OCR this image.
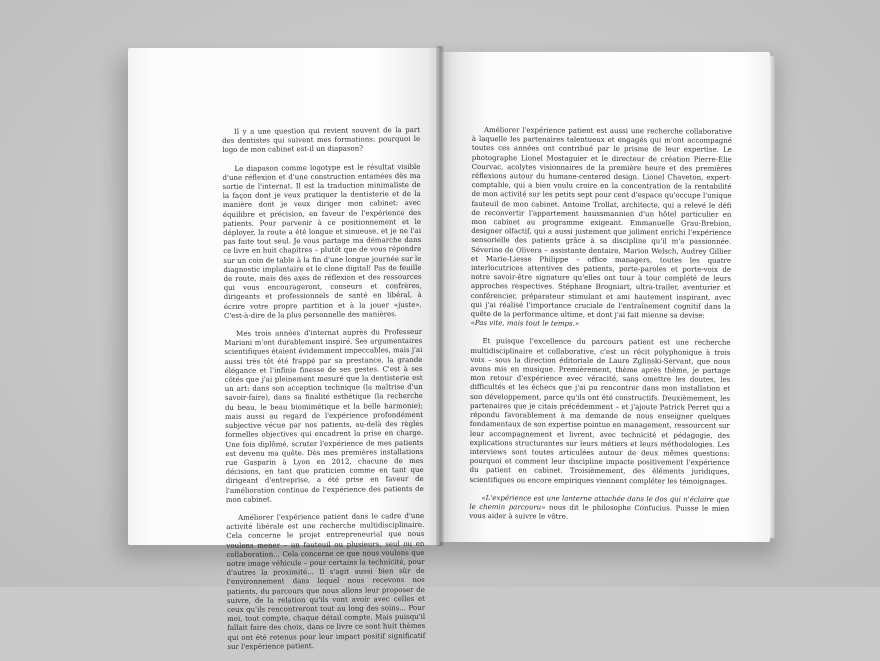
Il y a une question qui revient souvent de la part des dentistes qui suivent mes formations: pourquoi le logo de mon cabinet est-il un diapason?

Le diapason comme logotype est le résultat visible d'une réflexion et d'une construction entamées dès ma sortie de l'internat. Il est la traduction minimaliste de la façon dont je veux pratiquer la dentisterie et de la manière dont je veux diriger mon cabinet: avec équilibre et précision, en faveur de l'expérience des patients. Pour parvenir à ce positionnement et le déployer, la route a été longue et sinueuse, et je ne l'ai pas faite tout seul. Je vous partage ma démarche dans ce livre en huit chapitres – plutôt que de vous répondre sur un coin de table à la fin d'une longue journée sur le diagnostic implantaire et le clone digital! Pas de feuille de route, mais des axes de réflexion et des ressources qui vous encourageront, conseurs et confrères, dirigeants et professionnels de santé en libéral, à écrire votre propre partition et à la jouer «juste». C'est-à-dire de la plus personnelle des manières.

Mes trois années d'internat auprès du Professeur Mariani m'ont durablement inspiré. Ses argumentaires scientifiques étaient évidemment impeccables, mais j'ai aussi très tôt été frappé par sa prestance, la grande élégance et l'infinie finesse de ses gestes. C'est à ses côtés que j'ai pleinement mesuré que la dentisterie est un art: dans son acception technique (la maîtrise d'un savoir-faire), dans sa finalité esthétique (la recherche du beau, le beau biomimétique et la belle harmonie); mais aussi au regard de l'expérience profondément subjective vécue par nos patients, au-delà des règles formelles objectives qui encadrent la prise en charge. Une fois diplômé, scruter l'expérience de mes patients est devenu ma quête. Dès mes premières installations rue Gasparin à Lyon en 2012, chacune de mes décisions, en tant que praticien comme en tant que dirigeant d'entreprise, a été prise en faveur de l'amélioration continue de l'expérience des patients de mon cabinet.

Améliorer l'expérience patient dans le cadre d'une activité libérale est une recherche multidisciplinaire. Cela concerne le projet entrepreneurial que nous voulons mener – un fauteuil ou plusieurs, seul ou en collaboration... Cela concerne ce que nous voulons que notre image véhicule – pour certains la technicité, pour d'autres la proximité... Il s'agit aussi bien sûr de l'environnement dans lequel nous recevons nos patients, du parcours que nous allons leur proposer de suivre, de la relation qu'ils vont avoir avec celles et ceux qu'ils rencontreront tout au long des soins... Pour moi, tout compte, chaque détail compte. Mais puisqu'il fallait faire des choix, dans ce livre ce sont huit thèmes qui ont été retenus pour leur impact positif significatif sur l'expérience patient.

Améliorer l'expérience patient est aussi une recherche collaborative à laquelle les partenaires talentueux et engagés qui m'ont accompagné toutes ces années ont contribué par le prisme de leur expertise. Le photographe Lionel Mostaguier et le directeur de création Pierre-Elie Courvac, acolytes visionnaires de la première heure et des premières réflexions autour du humane-centered design. Lionel Chaveton, expert-comptable, qui a bien voulu croire en la concentration de la rentabilité de mon activité sur les petits sept pour cent d'espace qu'occupe l'unique fauteuil de mon cabinet. Antoine Trollat, architecte, qui a relevé le défi de reconvertir l'appartement haussmannien d'un hôtel particulier en mon cabinet au programme exigeant. Emmanuelle Grau-Brebion, designer olfactif, qui a aussi justement que joliment enrichi l'expérience sensorielle des patients grâce à sa discipline qu'il m'a passionnée. Séverine de Olivera – assistante dentaire, Marion Welsch, Audrey Gillier et Marie-Liesse Philippe – office managers, toutes les quatre interlocutrices attentives des patients, porte-paroles et porte-voix de notre savoir-être signature qu'elles ont tour à tour complété de leurs approches respectives. Stéphane Brogniart, ultra-trailer, aventurier et conférencier, préparateur stimulant et ami hautement inspirant, avec qui j'ai réalisé l'importance cruciale de l'entraînement cognitif dans la quête de la performance ultime, et dont j'ai fait mienne sa devise:

«Pas vite, mais tout le temps.»

Et puisque l'excellence du parcours patient est une recherche multidisciplinaire et collaborative, c'est un récit polyphonique à trois voix – sous la direction éditoriale de Laure Zglinski-Servant, que nous avons mis en musique. Premièrement, thème après thème, je partage mon retour d'expérience avec véracité, sans omettre les doutes, les difficultés et les échecs que j'ai pu rencontrer dans mon installation et son développement, parce qu'ils ont été constructifs. Deuxièmement, les partenaires que je citais précédemment – et j'ajoute Patrick Perret qui a répondu favorablement à ma demande de nous enseigner quelques fondamentaux de son expertise pointue en management, ressourcent sur leur accompagnement et livrent, avec technicité et pédagogie, des explications structurantes sur leurs métiers et leurs méthodologies. Les interviews sont toutes articulées autour de deux mêmes questions: pourquoi et comment leur discipline impacte positivement l'expérience du patient en cabinet. Troisièmement, des éléments juridiques, scientifiques ou encore empiriques viennent compléter les témoignages.

«L'expérience est une lanterne attachée dans le dos qui n'éclaire que le chemin parcouru» nous dit le philosophe Confucius. Puisse le mien vous aider à suivre le vôtre.
